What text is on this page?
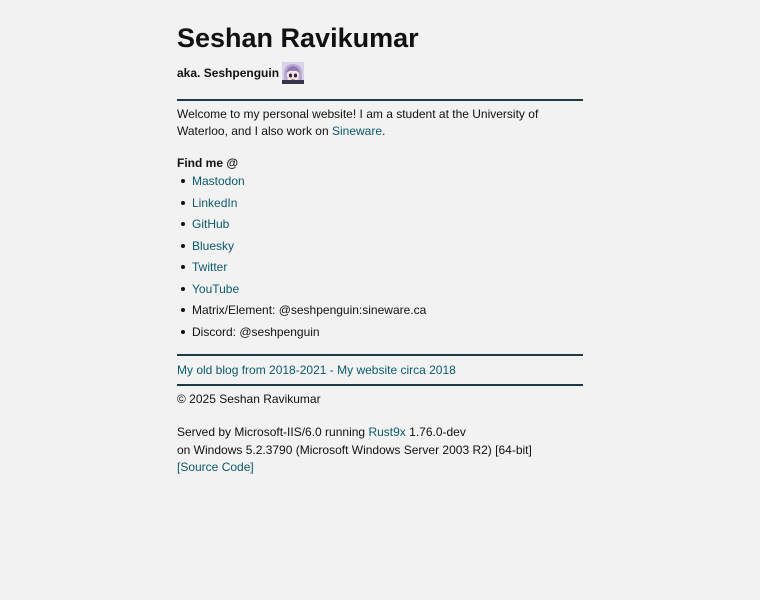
Seshan Ravikumar
aka. Seshpenguin

Welcome to my personal website! I am a student at the University of Waterloo, and I also work on Sineware.

Find me @
Mastodon
LinkedIn
GitHub
Bluesky
Twitter
YouTube
Matrix/Element: @seshpenguin:sineware.ca
Discord: @seshpenguin
My old blog from 2018-2021 - My website circa 2018
© 2025 Seshan Ravikumar
Served by Microsoft-IIS/6.0 running Rust9x 1.76.0-dev
on Windows 5.2.3790 (Microsoft Windows Server 2003 R2) [64-bit]
[Source Code]
